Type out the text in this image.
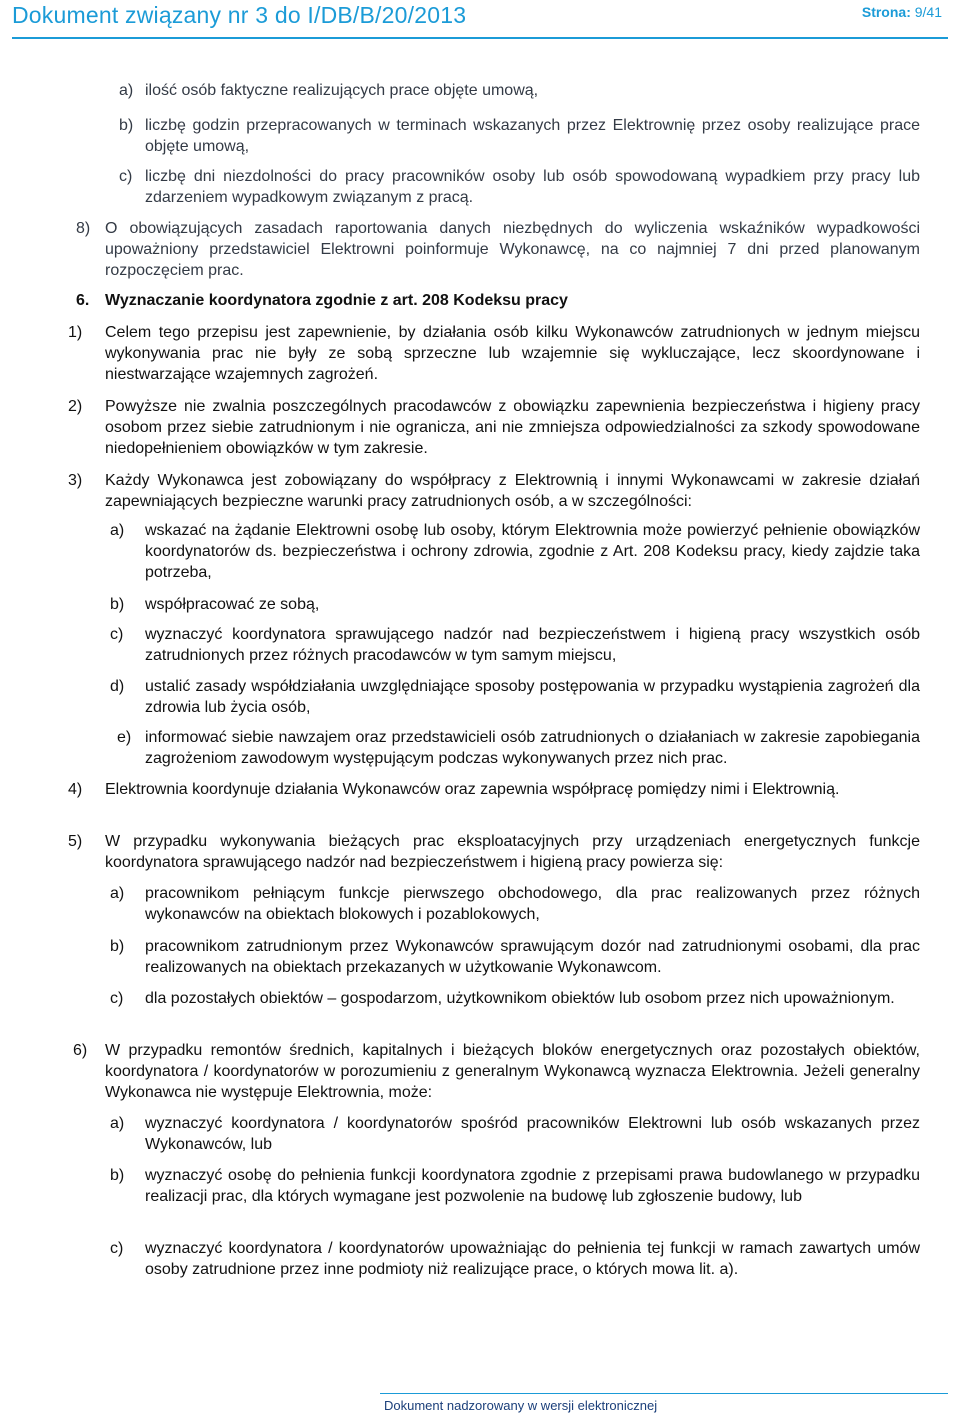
Dokument związany nr 3 do I/DB/B/20/2013	Strona: 9/41
a) ilość osób faktyczne realizujących prace objęte umową,
b) liczbę godzin przepracowanych w terminach wskazanych przez Elektrownię przez osoby realizujące prace objęte umową,
c) liczbę dni niezdolności do pracy pracowników osoby lub osób spowodowaną wypadkiem przy pracy lub zdarzeniem wypadkowym związanym z pracą.
8) O obowiązujących zasadach raportowania danych niezbędnych do wyliczenia wskaźników wypadkowości upoważniony przedstawiciel Elektrowni poinformuje Wykonawcę, na co najmniej 7 dni przed planowanym rozpoczęciem prac.
6. Wyznaczanie koordynatora zgodnie z art. 208 Kodeksu pracy
1) Celem tego przepisu jest zapewnienie, by działania osób kilku Wykonawców zatrudnionych w jednym miejscu wykonywania prac nie były ze sobą sprzeczne lub wzajemnie się wykluczające, lecz skoordynowane i niestwarzające wzajemnych zagrożeń.
2) Powyższe nie zwalnia poszczególnych pracodawców z obowiązku zapewnienia bezpieczeństwa i higieny pracy osobom przez siebie zatrudnionym i nie ogranicza, ani nie zmniejsza odpowiedzialności za szkody spowodowane niedopełnieniem obowiązków w tym zakresie.
3) Każdy Wykonawca jest zobowiązany do współpracy z Elektrownią i innymi Wykonawcami w zakresie działań zapewniających bezpieczne warunki pracy zatrudnionych osób, a w szczególności:
a) wskazać na żądanie Elektrowni osobę lub osoby, którym Elektrownia może powierzyć pełnienie obowiązków koordynatorów ds. bezpieczeństwa i ochrony zdrowia, zgodnie z Art. 208 Kodeksu pracy, kiedy zajdzie taka potrzeba,
b) współpracować ze sobą,
c) wyznaczyć koordynatora sprawującego nadzór nad bezpieczeństwem i higieną pracy wszystkich osób zatrudnionych przez różnych pracodawców w tym samym miejscu,
d) ustalić zasady współdziałania uwzględniające sposoby postępowania w przypadku wystąpienia zagrożeń dla zdrowia lub życia osób,
e) informować siebie nawzajem oraz przedstawicieli osób zatrudnionych o działaniach w zakresie zapobiegania zagrożeniom zawodowym występującym podczas wykonywanych przez nich prac.
4) Elektrownia koordynuje działania Wykonawców oraz zapewnia współpracę pomiędzy nimi i Elektrownią.
5) W przypadku wykonywania bieżących prac eksploatacyjnych przy urządzeniach energetycznych funkcje koordynatora sprawującego nadzór nad bezpieczeństwem i higieną pracy powierza się:
a) pracownikom pełniącym funkcje pierwszego obchodowego, dla prac realizowanych przez różnych wykonawców na obiektach blokowych i pozablokowych,
b) pracownikom zatrudnionym przez Wykonawców sprawującym dozór nad zatrudnionymi osobami, dla prac realizowanych na obiektach przekazanych w użytkowanie Wykonawcom.
c) dla pozostałych obiektów – gospodarzom, użytkownikom obiektów lub osobom przez nich upoważnionym.
6) W przypadku remontów średnich, kapitalnych i bieżących bloków energetycznych oraz pozostałych obiektów, koordynatora / koordynatorów w porozumieniu z generalnym Wykonawcą wyznacza Elektrownia. Jeżeli generalny Wykonawca nie występuje Elektrownia, może:
a) wyznaczyć koordynatora / koordynatorów spośród pracowników Elektrowni lub osób wskazanych przez Wykonawców, lub
b) wyznaczyć osobę do pełnienia funkcji koordynatora zgodnie z przepisami prawa budowlanego w przypadku realizacji prac, dla których wymagane jest pozwolenie na budowę lub zgłoszenie budowy, lub
c) wyznaczyć koordynatora / koordynatorów upoważniając do pełnienia tej funkcji w ramach zawartych umów osoby zatrudnione przez inne podmioty niż realizujące prace, o których mowa lit. a).
Dokument nadzorowany w wersji elektronicznej
